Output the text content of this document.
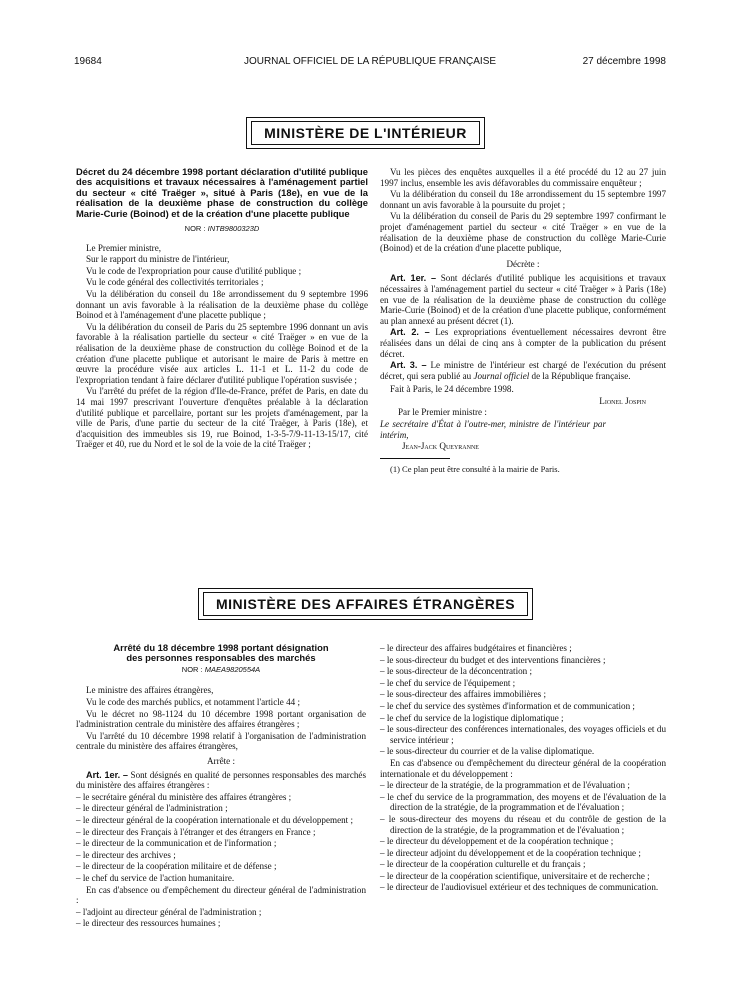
19684	JOURNAL OFFICIEL DE LA RÉPUBLIQUE FRANÇAISE	27 décembre 1998
MINISTÈRE DE L'INTÉRIEUR
Décret du 24 décembre 1998 portant déclaration d'utilité publique des acquisitions et travaux nécessaires à l'aménagement partiel du secteur « cité Traëger », situé à Paris (18e), en vue de la réalisation de la deuxième phase de construction du collège Marie-Curie (Boinod) et de la création d'une placette publique
NOR : INTB9800323D

Le Premier ministre,

Sur le rapport du ministre de l'intérieur,

Vu le code de l'expropriation pour cause d'utilité publique ;

Vu le code général des collectivités territoriales ;

Vu la délibération du conseil du 18e arrondissement du 9 septembre 1996 donnant un avis favorable à la réalisation de la deuxième phase du collège Boinod et à l'aménagement d'une placette publique ;

Vu la délibération du conseil de Paris du 25 septembre 1996 donnant un avis favorable à la réalisation partielle du secteur « cité Traëger » en vue de la réalisation de la deuxième phase de construction du collège Boinod et de la création d'une placette publique et autorisant le maire de Paris à mettre en œuvre la procédure visée aux articles L. 11-1 et L. 11-2 du code de l'expropriation tendant à faire déclarer d'utilité publique l'opération susvisée ;

Vu l'arrêté du préfet de la région d'Ile-de-France, préfet de Paris, en date du 14 mai 1997 prescrivant l'ouverture d'enquêtes préalable à la déclaration d'utilité publique et parcellaire, portant sur les projets d'aménagement, par la ville de Paris, d'une partie du secteur de la cité Traëger, à Paris (18e), et d'acquisition des immeubles sis 19, rue Boinod, 1-3-5-7/9-11-13-15/17, cité Traëger et 40, rue du Nord et le sol de la voie de la cité Traëger ;

Vu les pièces des enquêtes auxquelles il a été procédé du 12 au 27 juin 1997 inclus, ensemble les avis défavorables du commissaire enquêteur ;

Vu la délibération du conseil du 18e arrondissement du 15 septembre 1997 donnant un avis favorable à la poursuite du projet ;

Vu la délibération du conseil de Paris du 29 septembre 1997 confirmant le projet d'aménagement partiel du secteur « cité Traëger » en vue de la réalisation de la deuxième phase de construction du collège Marie-Curie (Boinod) et de la création d'une placette publique,

Décrète :

Art. 1er. – Sont déclarés d'utilité publique les acquisitions et travaux nécessaires à l'aménagement partiel du secteur « cité Traëger » à Paris (18e) en vue de la réalisation de la deuxième phase de construction du collège Marie-Curie (Boinod) et de la création d'une placette publique, conformément au plan annexé au présent décret (1).

Art. 2. – Les expropriations éventuellement nécessaires devront être réalisées dans un délai de cinq ans à compter de la publication du présent décret.

Art. 3. – Le ministre de l'intérieur est chargé de l'exécution du présent décret, qui sera publié au Journal officiel de la République française.

Fait à Paris, le 24 décembre 1998.

Lionel Jospin

Par le Premier ministre :

Le secrétaire d'État à l'outre-mer, ministre de l'intérieur par intérim,

Jean-Jack Queyranne

(1) Ce plan peut être consulté à la mairie de Paris.
MINISTÈRE DES AFFAIRES ÉTRANGÈRES
Arrêté du 18 décembre 1998 portant désignation
des personnes responsables des marchés
NOR : MAEA9820554A

Le ministre des affaires étrangères,

Vu le code des marchés publics, et notamment l'article 44 ;

Vu le décret no 98-1124 du 10 décembre 1998 portant organisation de l'administration centrale du ministère des affaires étrangères ;

Vu l'arrêté du 10 décembre 1998 relatif à l'organisation de l'administration centrale du ministère des affaires étrangères,

Arrête :

Art. 1er. – Sont désignés en qualité de personnes responsables des marchés du ministère des affaires étrangères :

– le secrétaire général du ministère des affaires étrangères ;

– le directeur général de l'administration ;

– le directeur général de la coopération internationale et du développement ;

– le directeur des Français à l'étranger et des étrangers en France ;

– le directeur de la communication et de l'information ;

– le directeur des archives ;

– le directeur de la coopération militaire et de défense ;

– le chef du service de l'action humanitaire.

En cas d'absence ou d'empêchement du directeur général de l'administration :

– l'adjoint au directeur général de l'administration ;

– le directeur des ressources humaines ;

– le directeur des affaires budgétaires et financières ;

– le sous-directeur du budget et des interventions financières ;

– le sous-directeur de la déconcentration ;

– le chef du service de l'équipement ;

– le sous-directeur des affaires immobilières ;

– le chef du service des systèmes d'information et de communication ;

– le chef du service de la logistique diplomatique ;

– le sous-directeur des conférences internationales, des voyages officiels et du service intérieur ;

– le sous-directeur du courrier et de la valise diplomatique.

En cas d'absence ou d'empêchement du directeur général de la coopération internationale et du développement :

– le directeur de la stratégie, de la programmation et de l'évaluation ;

– le chef du service de la programmation, des moyens et de l'évaluation de la direction de la stratégie, de la programmation et de l'évaluation ;

– le sous-directeur des moyens du réseau et du contrôle de gestion de la direction de la stratégie, de la programmation et de l'évaluation ;

– le directeur du développement et de la coopération technique ;

– le directeur adjoint du développement et de la coopération technique ;

– le directeur de la coopération culturelle et du français ;

– le directeur de la coopération scientifique, universitaire et de recherche ;

– le directeur de l'audiovisuel extérieur et des techniques de communication.
